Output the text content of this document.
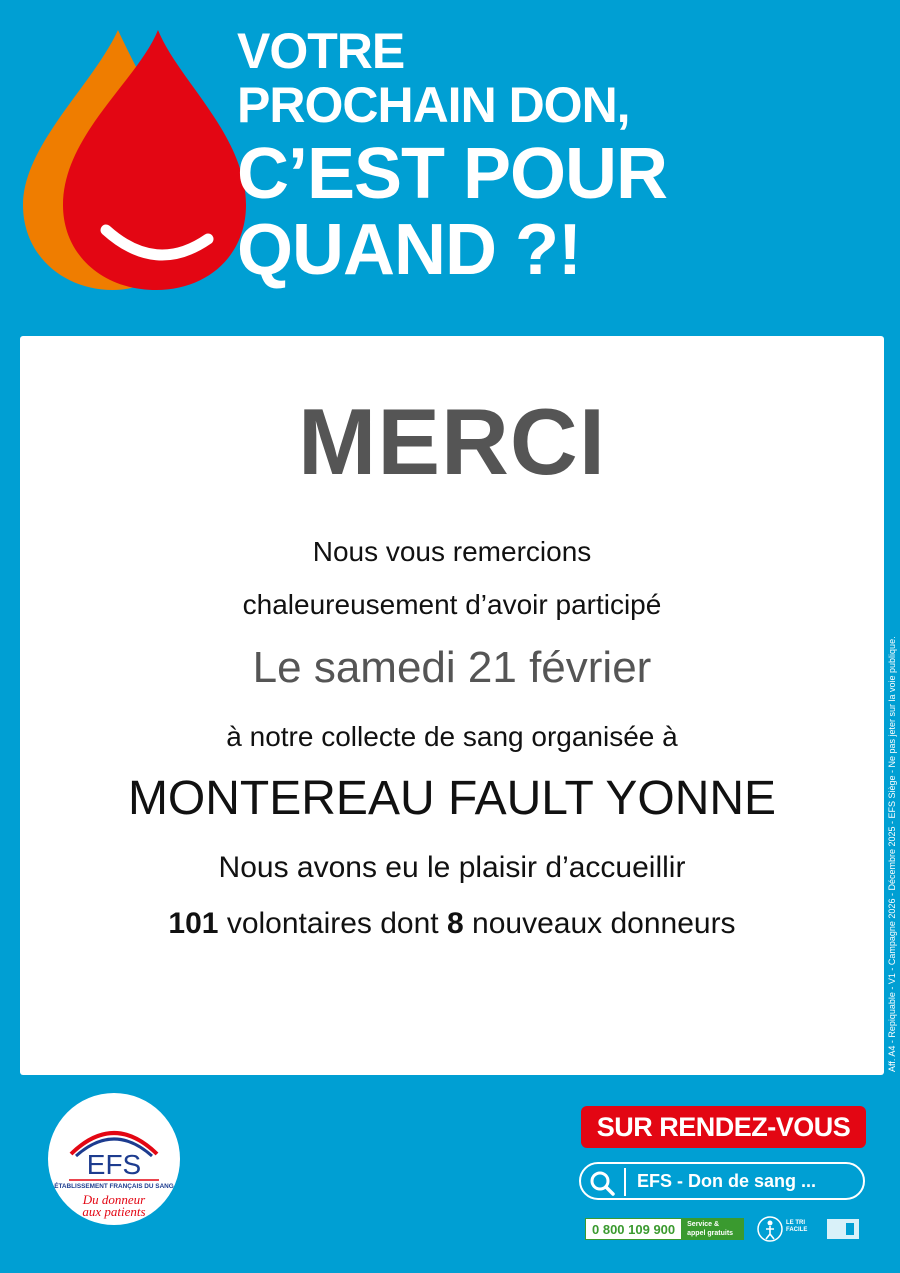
VOTRE
PROCHAIN DON,
C’EST POUR
QUAND ?!
MERCI
Nous vous remercions
chaleureusement d’avoir participé
Le samedi 21 février
à notre collecte de sang organisée à
MONTEREAU FAULT YONNE
Nous avons eu le plaisir d’accueillir
101 volontaires dont 8 nouveaux donneurs	Aff. A4 - Repiquable - V1 - Campagne 2026 - Décembre 2025 - EFS Siège - Ne pas jeter sur la voie publique.
EFS
ÉTABLISSEMENT FRANÇAIS DU SANG
Du donneur
aux patients
SUR RENDEZ-VOUS
EFS - Don de sang ...
0 800 109 900	Service & appel gratuits
LE TRI
FACILE
